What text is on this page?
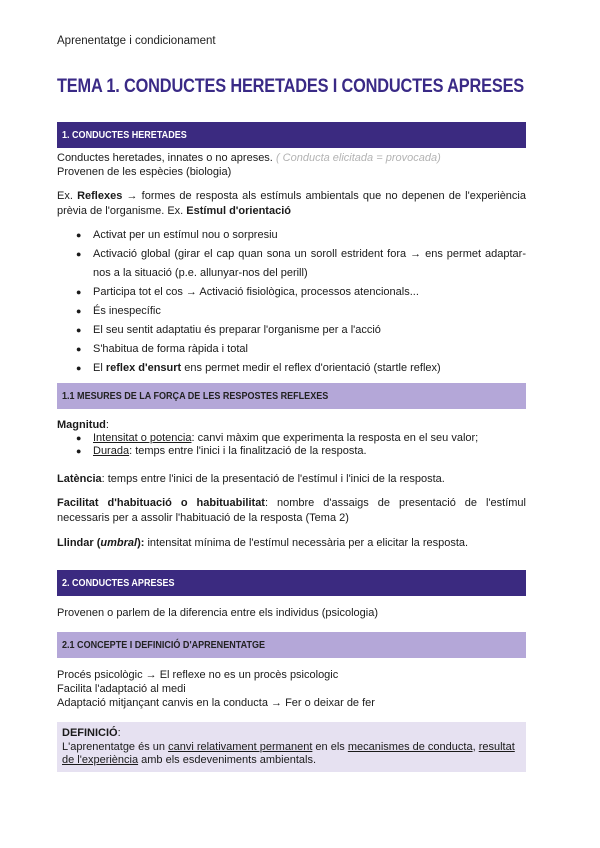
Aprenentatge i condicionament
TEMA 1. CONDUCTES HERETADES I CONDUCTES APRESES
1. CONDUCTES HERETADES
Conductes heretades, innates o no apreses. ( Conducta elicitada = provocada)
Provenen de les espècies (biologia)
Ex. Reflexes → formes de resposta als estímuls ambientals que no depenen de l'experiència prèvia de l'organisme. Ex. Estímul d'orientació
● Activat per un estímul nou o sorpresiu
● Activació global (girar el cap quan sona un soroll estrident fora → ens permet adaptar-nos a la situació (p.e. allunyar-nos del perill)
● Participa tot el cos → Activació fisiològica, processos atencionals...
● És inespecífic
● El seu sentit adaptatiu és preparar l'organisme per a l'acció
● S'habitua de forma ràpida i total
● El reflex d'ensurt ens permet medir el reflex d'orientació (startle reflex)
1.1 MESURES DE LA FORÇA DE LES RESPOSTES REFLEXES
Magnitud:
● Intensitat o potencia: canvi màxim que experimenta la resposta en el seu valor;
● Durada: temps entre l'inici i la finalització de la resposta.
Latència: temps entre l'inici de la presentació de l'estímul i l'inici de la resposta.
Facilitat d'habituació o habituabilitat: nombre d'assaigs de presentació de l'estímul necessaris per a assolir l'habituació de la resposta (Tema 2)
Llindar (umbral): intensitat mínima de l'estímul necessària per a elicitar la resposta.
2. CONDUCTES APRESES
Provenen o parlem de la diferencia entre els individus (psicologia)
2.1 CONCEPTE I DEFINICIÓ D'APRENENTATGE
Procés psicològic → El reflexe no es un procès psicologic
Facilita l'adaptació al medi
Adaptació mitjançant canvis en la conducta → Fer o deixar de fer
DEFINICIÓ:
L'aprenentatge és un canvi relativament permanent en els mecanismes de conducta, resultat de l'experiència amb els esdeveniments ambientals.
